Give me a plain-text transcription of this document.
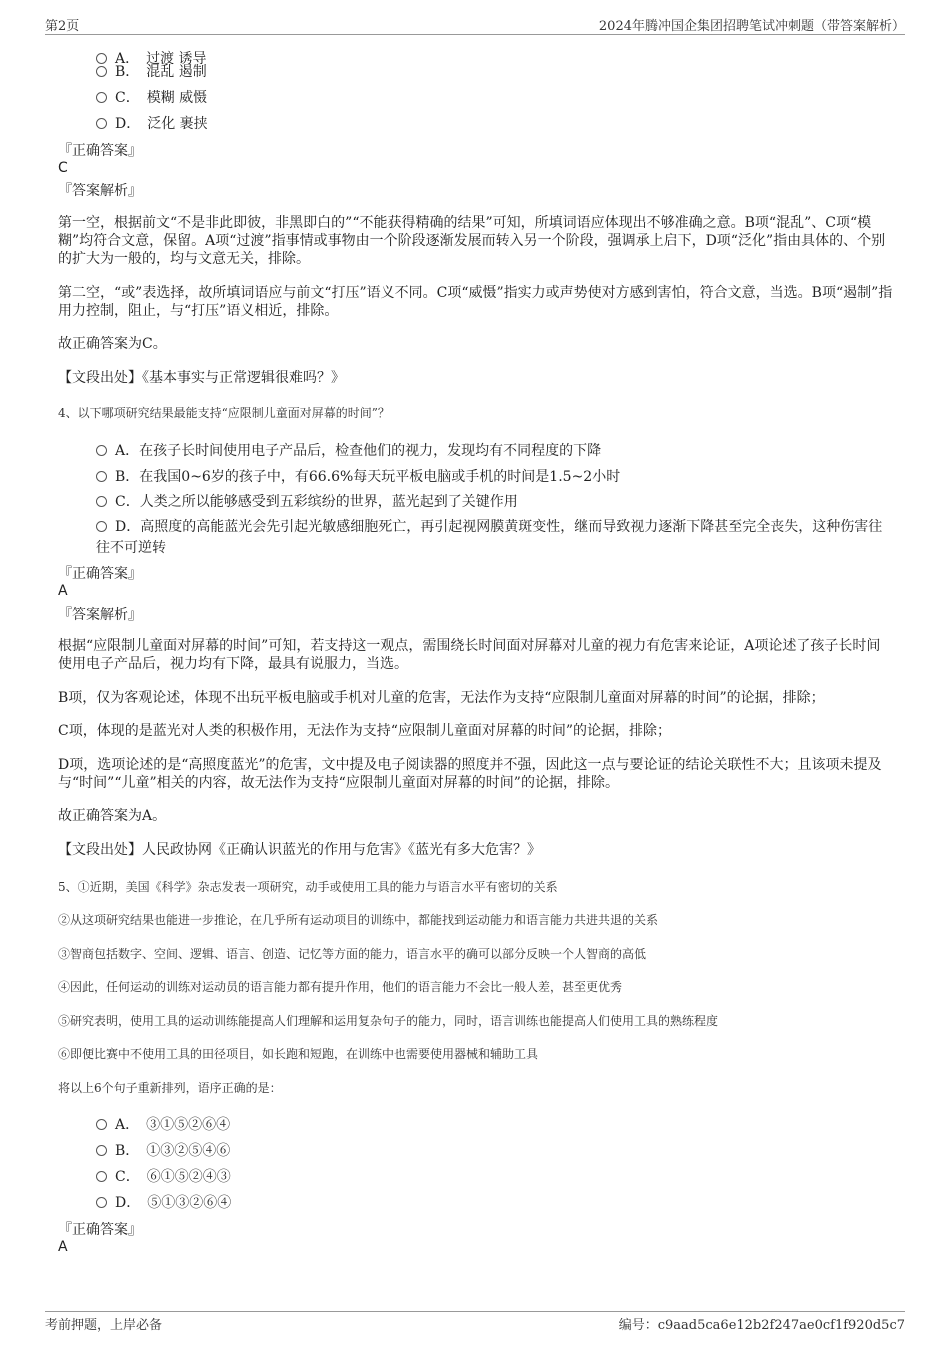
第2页	2024年腾冲国企集团招聘笔试冲刺题（带答案解析）
A．　过渡 诱导
B．　混乱 遏制
C．　模糊 威慑
D．　泛化 裹挟
『正确答案』
C
『答案解析』
第一空，根据前文“不是非此即彼，非黑即白的”“不能获得精确的结果”可知，所填词语应体现出不够准确之意。B项“混乱”、C项“模糊”均符合文意，保留。A项“过渡”指事情或事物由一个阶段逐渐发展而转入另一个阶段，强调承上启下，D项“泛化”指由具体的、个别的扩大为一般的，均与文意无关，排除。
第二空，“或”表选择，故所填词语应与前文“打压”语义不同。C项“威慑”指实力或声势使对方感到害怕，符合文意，当选。B项“遏制”指用力控制，阻止，与“打压”语义相近，排除。
故正确答案为C。
【文段出处】《基本事实与正常逻辑很难吗？》
4、以下哪项研究结果最能支持“应限制儿童面对屏幕的时间”？
A．在孩子长时间使用电子产品后，检查他们的视力，发现均有不同程度的下降
B．在我国0~6岁的孩子中，有66.6%每天玩平板电脑或手机的时间是1.5~2小时
C．人类之所以能够感受到五彩缤纷的世界，蓝光起到了关键作用
D．高照度的高能蓝光会先引起光敏感细胞死亡，再引起视网膜黄斑变性，继而导致视力逐渐下降甚至完全丧失，这种伤害往往不可逆转
『正确答案』
A
『答案解析』
根据“应限制儿童面对屏幕的时间”可知，若支持这一观点，需围绕长时间面对屏幕对儿童的视力有危害来论证，A项论述了孩子长时间使用电子产品后，视力均有下降，最具有说服力，当选。
B项，仅为客观论述，体现不出玩平板电脑或手机对儿童的危害，无法作为支持“应限制儿童面对屏幕的时间”的论据，排除；
C项，体现的是蓝光对人类的积极作用，无法作为支持“应限制儿童面对屏幕的时间”的论据，排除；
D项，选项论述的是“高照度蓝光”的危害，文中提及电子阅读器的照度并不强，因此这一点与要论证的结论关联性不大；且该项未提及与“时间”“儿童”相关的内容，故无法作为支持“应限制儿童面对屏幕的时间”的论据，排除。
故正确答案为A。
【文段出处】人民政协网《正确认识蓝光的作用与危害》《蓝光有多大危害？》
5、①近期，美国《科学》杂志发表一项研究，动手或使用工具的能力与语言水平有密切的关系
②从这项研究结果也能进一步推论，在几乎所有运动项目的训练中，都能找到运动能力和语言能力共进共退的关系
③智商包括数字、空间、逻辑、语言、创造、记忆等方面的能力，语言水平的确可以部分反映一个人智商的高低
④因此，任何运动的训练对运动员的语言能力都有提升作用，他们的语言能力不会比一般人差，甚至更优秀
⑤研究表明，使用工具的运动训练能提高人们理解和运用复杂句子的能力，同时，语言训练也能提高人们使用工具的熟练程度
⑥即便比赛中不使用工具的田径项目，如长跑和短跑，在训练中也需要使用器械和辅助工具
将以上6个句子重新排列，语序正确的是：
A．　③①⑤②⑥④
B．　①③②⑤④⑥
C．　⑥①⑤②④③
D．　⑤①③②⑥④
『正确答案』
A
考前押题，上岸必备	编号：c9aad5ca6e12b2f247ae0cf1f920d5c7
